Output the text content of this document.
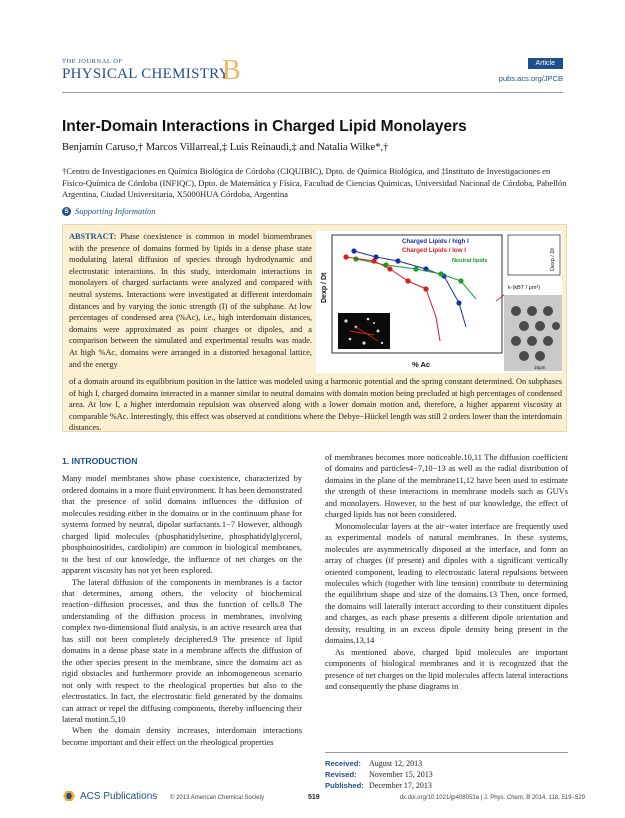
THE JOURNAL OF
PHYSICAL CHEMISTRY
B	Article
pubs.acs.org/JPCB
Inter-Domain Interactions in Charged Lipid Monolayers
Benjamín Caruso,† Marcos Villarreal,‡ Luis Reinaudi,‡ and Natalia Wilke*,†
†Centro de Investigaciones en Química Biológica de Córdoba (CIQUIBIC), Dpto. de Química Biológica, and ‡Instituto de Investigaciones en Fisico-Química de Córdoba (INFIQC), Dpto. de Matemática y Física, Facultad de Ciencias Químicas, Universidad Nacional de Córdoba, Pabellón Argentina, Ciudad Universitaria, X5000HUA Córdoba, Argentina
S Supporting Information
ABSTRACT: Phase coexistence is common in model biomembranes with the presence of domains formed by lipids in a dense phase state modulating lateral diffusion of species through hydrodynamic and electrostatic interactions. In this study, interdomain interactions in monolayers of charged surfactants were analyzed and compared with neutral systems. Interactions were investigated at different interdomain distances and by varying the ionic strength (I) of the subphase. At low percentages of condensed area (%Ac), i.e., high interdomain distances, domains were approximated as point charges or dipoles, and a comparison between the simulated and experimental results was made. At high %Ac, domains were arranged in a distorted hexagonal lattice, and the energy
Charged Lipids / high I
Charged Lipids / low I
Neutral lipids
Dexp / Dt
% Ac
Dexp / Dt
k·(kBT / μm²)
10μm
of a domain around its equilibrium position in the lattice was modeled using a harmonic potential and the spring constant determined. On subphases of high I, charged domains interacted in a manner similar to neutral domains with domain motion being precluded at high percentages of condensed area. At low I, a higher interdomain repulsion was observed along with a lower domain motion and, therefore, a higher apparent viscosity at comparable %Ac. Interestingly, this effect was observed at conditions where the Debye−Hückel length was still 2 orders lower than the interdomain distances.
1. INTRODUCTION

Many model membranes show phase coexistence, characterized by ordered domains in a more fluid environment. It has been demonstrated that the presence of solid domains influences the diffusion of molecules residing either in the domains or in the continuum phase for systems formed by neutral, dipolar surfactants.1−7 However, although charged lipid molecules (phosphatidylserine, phosphatidylglycerol, phosphoinositides, cardiolipin) are common in biological membranes, to the best of our knowledge, the influence of net charges on the apparent viscosity has not yet been explored.

The lateral diffusion of the components in membranes is a factor that determines, among others, the velocity of biochemical reaction−diffusion processes, and thus the function of cells.8 The understanding of the diffusion process in membranes, involving complex two-dimensional fluid analysis, is an active research area that has still not been completely deciphered.9 The presence of lipid domains in a dense phase state in a membrane affects the diffusion of the other species present in the membrane, since the domains act as rigid obstacles and furthermore provide an inhomogeneous scenario not only with respect to the rheological properties but also to the electrostatics. In fact, the electrostatic field generated by the domains can attract or repel the diffusing components, thereby influencing their lateral motion.5,10

When the domain density increases, interdomain interactions become important and their effect on the rheological properties

of membranes becomes more noticeable.10,11 The diffusion coefficient of domains and particles4−7,10−13 as well as the radial distribution of domains in the plane of the membrane11,12 have been used to estimate the strength of these interactions in membrane models such as GUVs and monolayers. However, to the best of our knowledge, the effect of charged lipids has not been considered.

Monomolecular layers at the air−water interface are frequently used as experimental models of natural membranes. In these systems, molecules are asymmetrically disposed at the interface, and form an array of charges (if present) and dipoles with a significant vertically oriented component, leading to electrostatic lateral repulsions between molecules which (together with line tension) contribute to determining the equilibrium shape and size of the domains.13 Then, once formed, the domains will laterally interact according to their constituent dipoles and charges, as each phase presents a different dipole orientation and density, resulting in an excess dipole density being present in the domains.13,14

As mentioned above, charged lipid molecules are important components of biological membranes and it is recognized that the presence of net charges on the lipid molecules affects lateral interactions and consequently the phase diagrams in

Received:	August 12, 2013
Revised:	November 15, 2013
Published: December 17, 2013
ACS Publications © 2013 American Chemical Society	519	dx.doi.org/10.1021/jp408053a | J. Phys. Chem. B 2014, 118, 519−529
